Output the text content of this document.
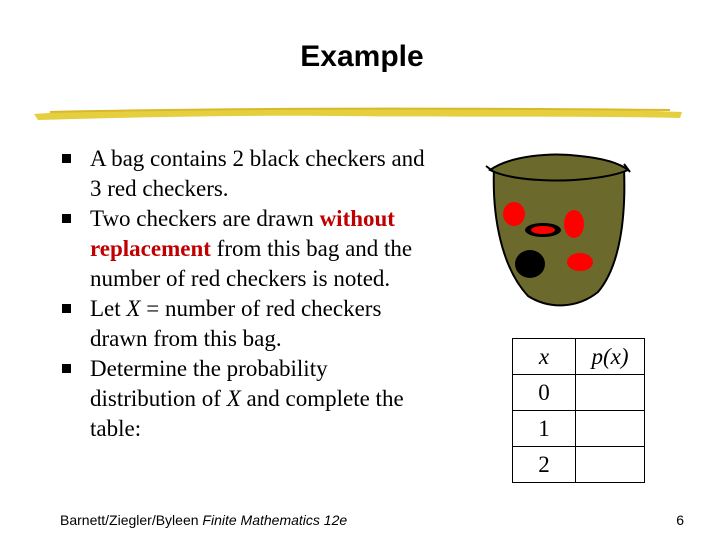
Example
A bag contains 2 black checkers and 3 red checkers.
Two checkers are drawn without replacement from this bag and the number of red checkers is noted.
Let X = number of red checkers drawn from this bag.
Determine the probability distribution of X and complete the table:
x	p(x)
0	
1	
2	
Barnett/Ziegler/Byleen Finite Mathematics 12e	6
